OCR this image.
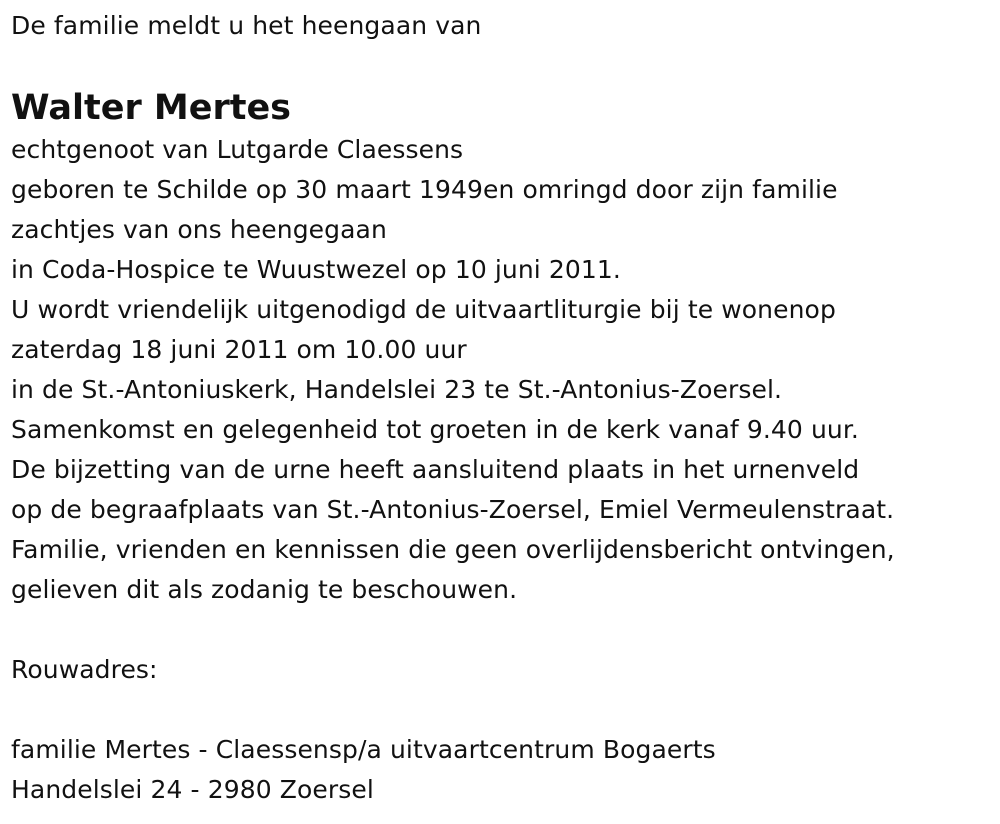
De familie meldt u het heengaan van
Walter Mertes
echtgenoot van Lutgarde Claessens
geboren te Schilde op 30 maart 1949en omringd door zijn familie
zachtjes van ons heengegaan
in Coda-Hospice te Wuustwezel op 10 juni 2011.
U wordt vriendelijk uitgenodigd de uitvaartliturgie bij te wonenop
zaterdag 18 juni 2011 om 10.00 uur
in de St.-Antoniuskerk, Handelslei 23 te St.-Antonius-Zoersel.
Samenkomst en gelegenheid tot groeten in de kerk vanaf 9.40 uur.
De bijzetting van de urne heeft aansluitend plaats in het urnenveld
op de begraafplaats van St.-Antonius-Zoersel, Emiel Vermeulenstraat.
Familie, vrienden en kennissen die geen overlijdensbericht ontvingen,
gelieven dit als zodanig te beschouwen.
Rouwadres:
familie Mertes - Claessensp/a uitvaartcentrum Bogaerts
Handelslei 24 - 2980 Zoersel
